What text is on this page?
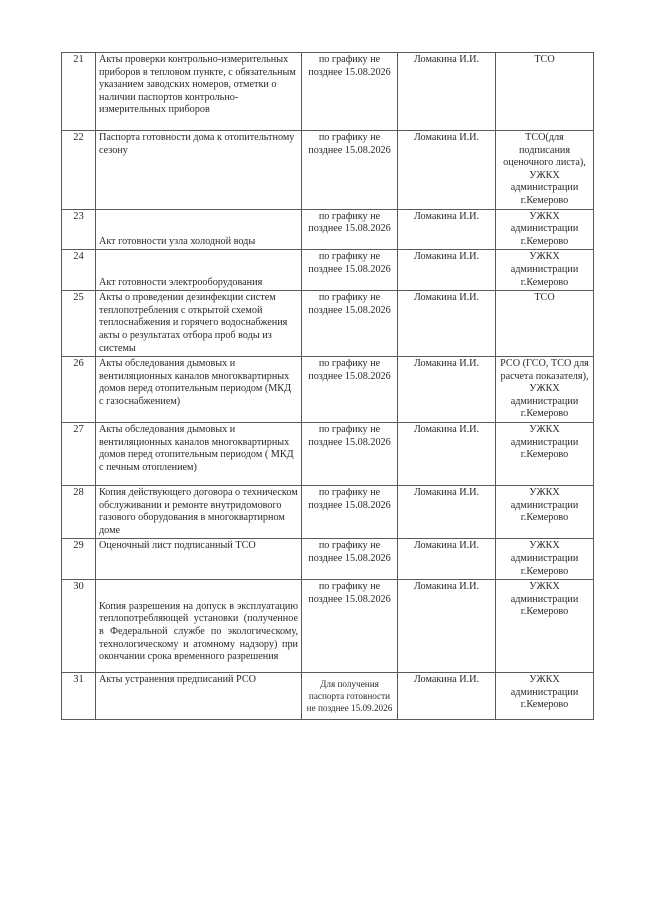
21	Акты проверки контрольно-измерительных приборов в тепловом пункте, с обязательным указанием заводских номеров, отметки о наличии паспортов контрольно-измерительных приборов	по графику не
позднее 15.08.2026	Ломакина И.И.	ТСО
22	Паспорта готовности дома к отопительтному сезону	по графику не
позднее 15.08.2026	Ломакина И.И.	ТСО(для подписания оценочного листа),
УЖКХ
администрации
г.Кемерово
23	Акт готовности узла холодной воды	по графику не
позднее 15.08.2026	Ломакина И.И.	УЖКХ
администрации
г.Кемерово
24	Акт готовности электрооборудования	по графику не
позднее 15.08.2026	Ломакина И.И.	УЖКХ
администрации
г.Кемерово
25	Акты о проведении дезинфекции систем теплопотребления с открытой схемой теплоснабжения и горячего водоснабжения акты о результатах отбора проб воды из системы	по графику не
позднее 15.08.2026	Ломакина И.И.	ТСО
26	Акты обследования дымовых и вентиляционных каналов многоквартирных домов перед отопительным периодом (МКД с газоснабжением)	по графику не
позднее 15.08.2026	Ломакина И.И.	РСО (ГСО, ТСО для расчета показателя),
УЖКХ
администрации
г.Кемерово
27	Акты обследования дымовых и вентиляционных каналов многоквартирных домов перед отопительным периодом ( МКД с печным отоплением)	по графику не
позднее 15.08.2026	Ломакина И.И.	УЖКХ
администрации
г.Кемерово
28	Копия действующего договора о техническом обслуживании и ремонте внутридомового газового оборудования в многоквартирном доме	по графику не
позднее 15.08.2026	Ломакина И.И.	УЖКХ
администрации
г.Кемерово
29	Оценочный лист подписанный ТСО	по графику не
позднее 15.08.2026	Ломакина И.И.	УЖКХ
администрации
г.Кемерово
30	Копия разрешения на допуск в эксплуатацию теплопотребляющей установки (полученное в Федеральной службе по экологическому, технологическому и атомному надзору) при окончании срока временного разрешения	по графику не
позднее 15.08.2026	Ломакина И.И.	УЖКХ
администрации
г.Кемерово
31	Акты устранения предписаний РСО	Для получения
паспорта готовности
не позднее 15.09.2026	Ломакина И.И.	УЖКХ
администрации
г.Кемерово
